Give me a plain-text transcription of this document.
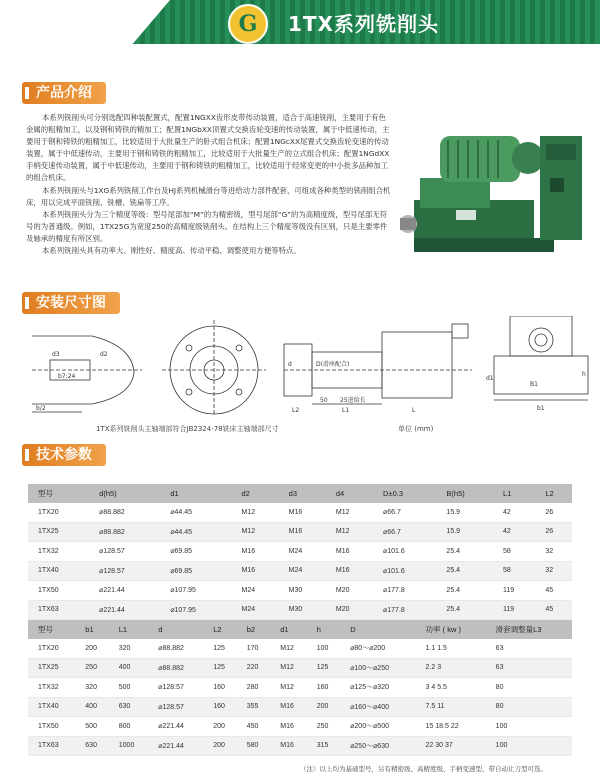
G	1TX系列铣削头
产品介绍

本系列铣削头可分别选配四种装配置式，配置1NGXX齿形皮带传动装置，适合于高速铣削，主要用于有色金属的粗精加工，以及钢和铸铁的精加工；配置1NGbXX顶置式交换齿轮变速的传动装置，属于中低速传动，主要用于钢和铸铁的粗精加工，比较适用于大批量生产的卧式组合机床；配置1NGcXX尾置式交换齿轮变速的传动装置，属于中低速传动，主要用于钢和铸铁的粗精加工，比较适用于大批量生产的立式组合机床；配置1NGdXX手柄变速传动装置，属于中低速传动，主要用于钢和铸铁的粗精加工，比较适用于经常变更的中小批多品种加工的组合机床。

本系列铣削头与1XG系列铣削工作台及HJ系列机械滑台等进给动力部件配套，可组成各种类型的铣削组合机床，用以完成平面铣削、铣槽、铣扁等工序。

本系列铣削头分为三个精度等级：型号尾部加“M”的为精密级，型号尾部“G”的为高精度级，型号尾部无符号的为普通级。例如，1TX25G为宽度250的高精度级铣削头。在结构上三个精度等级没有区别，只是主要零件及轴承的精度有所区别。

本系列铣削头具有功率大、刚性好、精度高、传动平稳、调整使用方便等特点。

安装尺寸图
d3
b/2
d2
b7:24
d	D(滑座配合)
50 25进给长
L2	L1	L
B1
h
d1
b1
1TX系列铣削头主轴端部符合JB2324-78铣床主轴端部尺寸	单位 (mm)
技术参数
型号	d(h5)	d1	d2	d3	d4	D±0.3	B(h5)	L1	L2
1TX20	⌀88.882	⌀44.45	M12	M16	M12	⌀66.7	15.9	42	26
1TX25	⌀88.882	⌀44.45	M12	M16	M12	⌀66.7	15.9	42	26
1TX32	⌀128.57	⌀69.85	M16	M24	M16	⌀101.6	25.4	58	32
1TX40	⌀128.57	⌀69.85	M16	M24	M16	⌀101.6	25.4	58	32
1TX50	⌀221.44	⌀107.95	M24	M30	M20	⌀177.8	25.4	119	45
1TX63	⌀221.44	⌀107.95	M24	M30	M20	⌀177.8	25.4	119	45
型号	b1	L1	d	L2	b2	d1	h	D	功率 ( kw )	滑套调整量L3
1TX20	200	320	⌀88.882	125	170	M12	100	⌀80～⌀200	1.1 1.5	63
1TX25	250	400	⌀88.882	125	220	M12	125	⌀100～⌀250	2.2 3	63
1TX32	320	500	⌀128.57	160	280	M12	160	⌀125～⌀320	3 4 5.5	80
1TX40	400	630	⌀128.57	160	355	M16	200	⌀160～⌀400	7.5 11	80
1TX50	500	800	⌀221.44	200	450	M16	250	⌀200～⌀500	15 18.5 22	100
1TX63	630	1000	⌀221.44	200	580	M16	315	⌀250～⌀630	22 30 37	100
（注）以上均为基础型号，另有精密级、高精度级、手柄变速型、带自动让刀型可选。
